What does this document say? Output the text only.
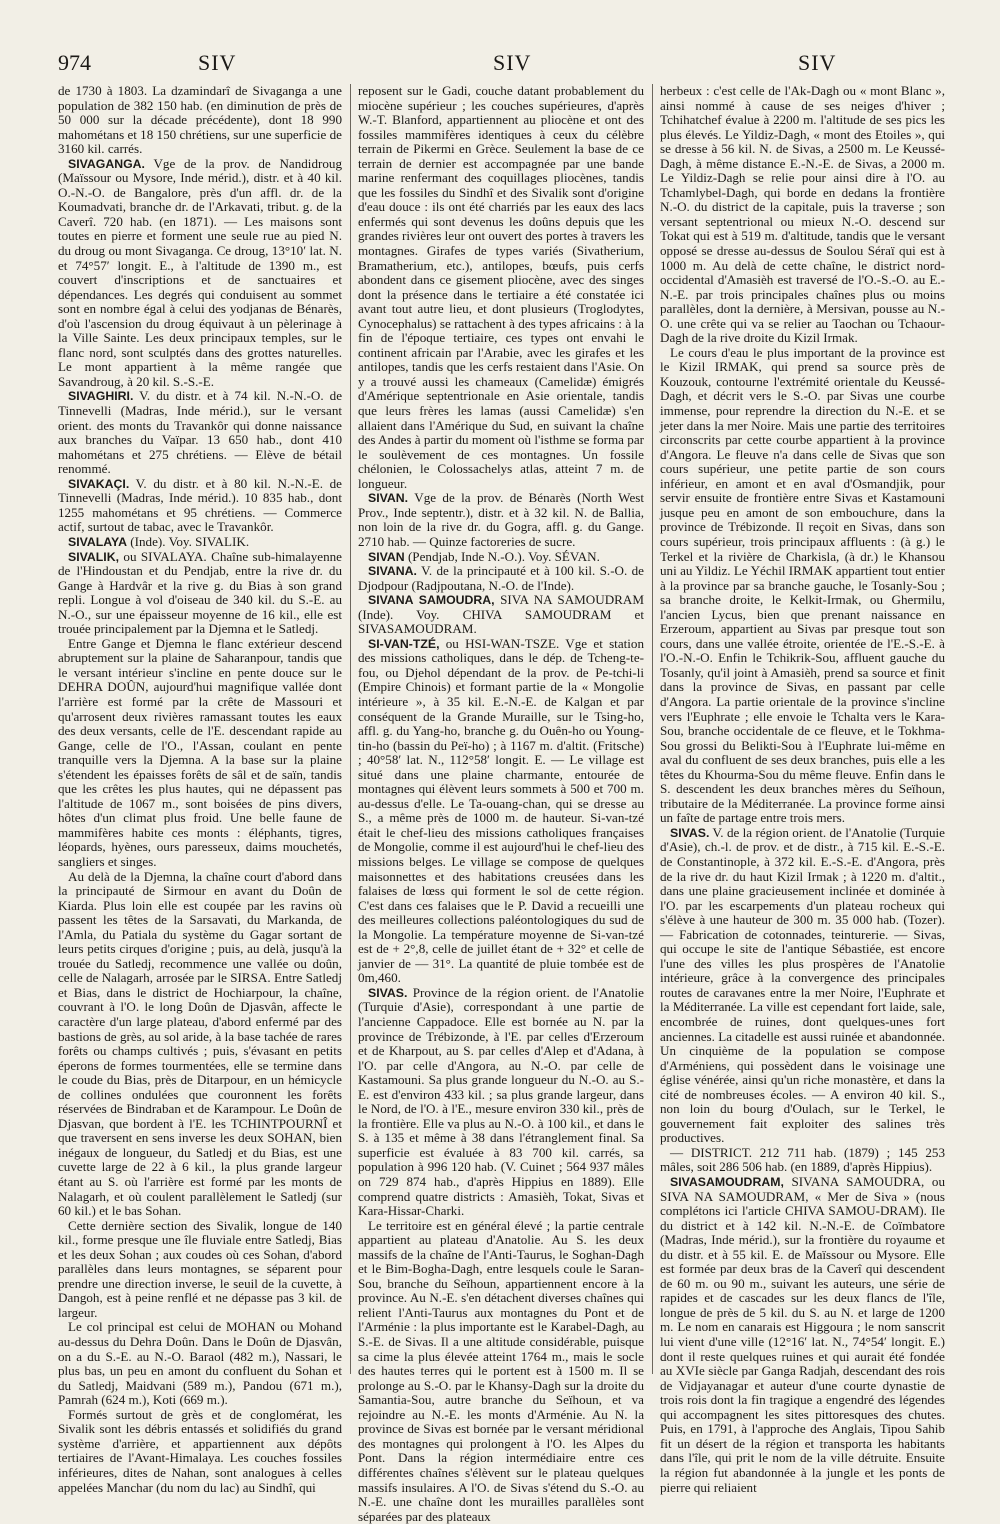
974	SIV	SIV	SIV

de 1730 à 1803. La dzamindarî de Sivaganga a une population de 382 150 hab. (en diminution de près de 50 000 sur la décade précédente), dont 18 990 mahométans et 18 150 chrétiens, sur une superficie de 3160 kil. carrés.

SIVAGANGA. Vge de la prov. de Nandidroug (Maïssour ou Mysore, Inde mérid.), distr. et à 40 kil. O.-N.-O. de Bangalore, près d'un affl. dr. de la Koumadvati, branche dr. de l'Arkavati, tribut. g. de la Caverî. 720 hab. (en 1871). — Les maisons sont toutes en pierre et forment une seule rue au pied N. du droug ou mont Sivaganga. Ce droug, 13°10′ lat. N. et 74°57′ longit. E., à l'altitude de 1390 m., est couvert d'inscriptions et de sanctuaires et dépendances. Les degrés qui conduisent au sommet sont en nombre égal à celui des yodjanas de Bénarès, d'où l'ascension du droug équivaut à un pèlerinage à la Ville Sainte. Les deux principaux temples, sur le flanc nord, sont sculptés dans des grottes naturelles. Le mont appartient à la même rangée que Savandroug, à 20 kil. S.-S.-E.

SIVAGHIRI. V. du distr. et à 74 kil. N.-N.-O. de Tinnevelli (Madras, Inde mérid.), sur le versant orient. des monts du Travankôr qui donne naissance aux branches du Vaïpar. 13 650 hab., dont 410 mahométans et 275 chrétiens. — Elève de bétail renommé.

SIVAKAÇI. V. du distr. et à 80 kil. N.-N.-E. de Tinnevelli (Madras, Inde mérid.). 10 835 hab., dont 1255 mahométans et 95 chrétiens. — Commerce actif, surtout de tabac, avec le Travankôr.

SIVALAYA (Inde). Voy. SIVALIK.

SIVALIK, ou SIVALAYA. Chaîne sub-himalayenne de l'Hindoustan et du Pendjab, entre la rive dr. du Gange à Hardvâr et la rive g. du Bias à son grand repli. Longue à vol d'oiseau de 340 kil. du S.-E. au N.-O., sur une épaisseur moyenne de 16 kil., elle est trouée principalement par la Djemna et le Satledj.

Entre Gange et Djemna le flanc extérieur descend abruptement sur la plaine de Saharanpour, tandis que le versant intérieur s'incline en pente douce sur le DEHRA DOÛN, aujourd'hui magnifique vallée dont l'arrière est formé par la crête de Massouri et qu'arrosent deux rivières ramassant toutes les eaux des deux versants, celle de l'E. descendant rapide au Gange, celle de l'O., l'Assan, coulant en pente tranquille vers la Djemna. A la base sur la plaine s'étendent les épaisses forêts de sâl et de saïn, tandis que les crêtes les plus hautes, qui ne dépassent pas l'altitude de 1067 m., sont boisées de pins divers, hôtes d'un climat plus froid. Une belle faune de mammifères habite ces monts : éléphants, tigres, léopards, hyènes, ours paresseux, daims mouchetés, sangliers et singes.

Au delà de la Djemna, la chaîne court d'abord dans la principauté de Sirmour en avant du Doûn de Kiarda. Plus loin elle est coupée par les ravins où passent les têtes de la Sarsavati, du Markanda, de l'Amla, du Patiala du système du Gagar sortant de leurs petits cirques d'origine ; puis, au delà, jusqu'à la trouée du Satledj, recommence une vallée ou doûn, celle de Nalagarh, arrosée par le SIRSA. Entre Satledj et Bias, dans le district de Hochiarpour, la chaîne, couvrant à l'O. le long Doûn de Djasvân, affecte le caractère d'un large plateau, d'abord enfermé par des bastions de grès, au sol aride, à la base tachée de rares forêts ou champs cultivés ; puis, s'évasant en petits éperons de formes tourmentées, elle se termine dans le coude du Bias, près de Ditarpour, en un hémicycle de collines ondulées que couronnent les forêts réservées de Bindraban et de Karampour. Le Doûn de Djasvan, que bordent à l'E. les TCHINTPOURNÎ et que traversent en sens inverse les deux SOHAN, bien inégaux de longueur, du Satledj et du Bias, est une cuvette large de 22 à 6 kil., la plus grande largeur étant au S. où l'arrière est formé par les monts de Nalagarh, et où coulent parallèlement le Satledj (sur 60 kil.) et le bas Sohan.

Cette dernière section des Sivalik, longue de 140 kil., forme presque une île fluviale entre Satledj, Bias et les deux Sohan ; aux coudes où ces Sohan, d'abord parallèles dans leurs montagnes, se séparent pour prendre une direction inverse, le seuil de la cuvette, à Dangoh, est à peine renflé et ne dépasse pas 3 kil. de largeur.

Le col principal est celui de MOHAN ou Mohand au-dessus du Dehra Doûn. Dans le Doûn de Djasvân, on a du S.-E. au N.-O. Baraol (482 m.), Nassari, le plus bas, un peu en amont du confluent du Sohan et du Satledj, Maidvani (589 m.), Pandou (671 m.), Pamrah (624 m.), Koti (669 m.).

Formés surtout de grès et de conglomérat, les Sivalik sont les débris entassés et solidifiés du grand système d'arrière, et appartiennent aux dépôts tertiaires de l'Avant-Himalaya. Les couches fossiles inférieures, dites de Nahan, sont analogues à celles appelées Manchar (du nom du lac) au Sindhî, qui

reposent sur le Gadi, couche datant probablement du miocène supérieur ; les couches supérieures, d'après W.-T. Blanford, appartiennent au pliocène et ont des fossiles mammifères identiques à ceux du célèbre terrain de Pikermi en Grèce. Seulement la base de ce terrain de dernier est accompagnée par une bande marine renfermant des coquillages pliocènes, tandis que les fossiles du Sindhî et des Sivalik sont d'origine d'eau douce : ils ont été charriés par les eaux des lacs enfermés qui sont devenus les doûns depuis que les grandes rivières leur ont ouvert des portes à travers les montagnes. Girafes de types variés (Sivatherium, Bramatherium, etc.), antilopes, bœufs, puis cerfs abondent dans ce gisement pliocène, avec des singes dont la présence dans le tertiaire a été constatée ici avant tout autre lieu, et dont plusieurs (Troglodytes, Cynocephalus) se rattachent à des types africains : à la fin de l'époque tertiaire, ces types ont envahi le continent africain par l'Arabie, avec les girafes et les antilopes, tandis que les cerfs restaient dans l'Asie. On y a trouvé aussi les chameaux (Camelidæ) émigrés d'Amérique septentrionale en Asie orientale, tandis que leurs frères les lamas (aussi Camelidæ) s'en allaient dans l'Amérique du Sud, en suivant la chaîne des Andes à partir du moment où l'isthme se forma par le soulèvement de ces montagnes. Un fossile chélonien, le Colossachelys atlas, atteint 7 m. de longueur.

SIVAN. Vge de la prov. de Bénarès (North West Prov., Inde septentr.), distr. et à 32 kil. N. de Ballia, non loin de la rive dr. du Gogra, affl. g. du Gange. 2710 hab. — Quinze factoreries de sucre.

SIVAN (Pendjab, Inde N.-O.). Voy. SÉVAN.

SIVANA. V. de la principauté et à 100 kil. S.-O. de Djodpour (Radjpoutana, N.-O. de l'Inde).

SIVANA SAMOUDRA, SIVA NA SAMOUDRAM (Inde). Voy. CHIVA SAMOUDRAM et SIVASAMOUDRAM.

SI-VAN-TZÉ, ou HSI-WAN-TSZE. Vge et station des missions catholiques, dans le dép. de Tcheng-te-fou, ou Djehol dépendant de la prov. de Pe-tchi-li (Empire Chinois) et formant partie de la « Mongolie intérieure », à 35 kil. E.-N.-E. de Kalgan et par conséquent de la Grande Muraille, sur le Tsing-ho, affl. g. du Yang-ho, branche g. du Ouên-ho ou Young-tin-ho (bassin du Peï-ho) ; à 1167 m. d'altit. (Fritsche) ; 40°58′ lat. N., 112°58′ longit. E. — Le village est situé dans une plaine charmante, entourée de montagnes qui élèvent leurs sommets à 500 et 700 m. au-dessus d'elle. Le Ta-ouang-chan, qui se dresse au S., a même près de 1000 m. de hauteur. Si-van-tzé était le chef-lieu des missions catholiques françaises de Mongolie, comme il est aujourd'hui le chef-lieu des missions belges. Le village se compose de quelques maisonnettes et des habitations creusées dans les falaises de lœss qui forment le sol de cette région. C'est dans ces falaises que le P. David a recueilli une des meilleures collections paléontologiques du sud de la Mongolie. La température moyenne de Si-van-tzé est de + 2°,8, celle de juillet étant de + 32° et celle de janvier de — 31°. La quantité de pluie tombée est de 0m,460.

SIVAS. Province de la région orient. de l'Anatolie (Turquie d'Asie), correspondant à une partie de l'ancienne Cappadoce. Elle est bornée au N. par la province de Trébizonde, à l'E. par celles d'Erzeroum et de Kharpout, au S. par celles d'Alep et d'Adana, à l'O. par celle d'Angora, au N.-O. par celle de Kastamouni. Sa plus grande longueur du N.-O. au S.-E. est d'environ 433 kil. ; sa plus grande largeur, dans le Nord, de l'O. à l'E., mesure environ 330 kil., près de la frontière. Elle va plus au N.-O. à 100 kil., et dans le S. à 135 et même à 38 dans l'étranglement final. Sa superficie est évaluée à 83 700 kil. carrés, sa population à 996 120 hab. (V. Cuinet ; 564 937 mâles on 729 874 hab., d'après Hippius en 1889). Elle comprend quatre districts : Amasièh, Tokat, Sivas et Kara-Hissar-Charki.

Le territoire est en général élevé ; la partie centrale appartient au plateau d'Anatolie. Au S. les deux massifs de la chaîne de l'Anti-Taurus, le Soghan-Dagh et le Bim-Bogha-Dagh, entre lesquels coule le Saran-Sou, branche du Seïhoun, appartiennent encore à la province. Au N.-E. s'en détachent diverses chaînes qui relient l'Anti-Taurus aux montagnes du Pont et de l'Arménie : la plus importante est le Karabel-Dagh, au S.-E. de Sivas. Il a une altitude considérable, puisque sa cime la plus élevée atteint 1764 m., mais le socle des hautes terres qui le portent est à 1500 m. Il se prolonge au S.-O. par le Khansy-Dagh sur la droite du Samantia-Sou, autre branche du Seïhoun, et va rejoindre au N.-E. les monts d'Arménie. Au N. la province de Sivas est bornée par le versant méridional des montagnes qui prolongent à l'O. les Alpes du Pont. Dans la région intermédiaire entre ces différentes chaînes s'élèvent sur le plateau quelques massifs insulaires. A l'O. de Sivas s'étend du S.-O. au N.-E. une chaîne dont les murailles parallèles sont séparées par des plateaux

herbeux : c'est celle de l'Ak-Dagh ou « mont Blanc », ainsi nommé à cause de ses neiges d'hiver ; Tchihatchef évalue à 2200 m. l'altitude de ses pics les plus élevés. Le Yildiz-Dagh, « mont des Etoiles », qui se dresse à 56 kil. N. de Sivas, a 2500 m. Le Keussé-Dagh, à même distance E.-N.-E. de Sivas, a 2000 m. Le Yildiz-Dagh se relie pour ainsi dire à l'O. au Tchamlybel-Dagh, qui borde en dedans la frontière N.-O. du district de la capitale, puis la traverse ; son versant septentrional ou mieux N.-O. descend sur Tokat qui est à 519 m. d'altitude, tandis que le versant opposé se dresse au-dessus de Soulou Séraï qui est à 1000 m. Au delà de cette chaîne, le district nord-occidental d'Amasièh est traversé de l'O.-S.-O. au E.-N.-E. par trois principales chaînes plus ou moins parallèles, dont la dernière, à Mersivan, pousse au N.-O. une crête qui va se relier au Taochan ou Tchaour-Dagh de la rive droite du Kizil Irmak.

Le cours d'eau le plus important de la province est le Kizil IRMAK, qui prend sa source près de Kouzouk, contourne l'extrémité orientale du Keussé-Dagh, et décrit vers le S.-O. par Sivas une courbe immense, pour reprendre la direction du N.-E. et se jeter dans la mer Noire. Mais une partie des territoires circonscrits par cette courbe appartient à la province d'Angora. Le fleuve n'a dans celle de Sivas que son cours supérieur, une petite partie de son cours inférieur, en amont et en aval d'Osmandjik, pour servir ensuite de frontière entre Sivas et Kastamouni jusque peu en amont de son embouchure, dans la province de Trébizonde. Il reçoit en Sivas, dans son cours supérieur, trois principaux affluents : (à g.) le Terkel et la rivière de Charkisla, (à dr.) le Khansou uni au Yildiz. Le Yéchil IRMAK appartient tout entier à la province par sa branche gauche, le Tosanly-Sou ; sa branche droite, le Kelkit-Irmak, ou Ghermilu, l'ancien Lycus, bien que prenant naissance en Erzeroum, appartient au Sivas par presque tout son cours, dans une vallée étroite, orientée de l'E.-S.-E. à l'O.-N.-O. Enfin le Tchikrik-Sou, affluent gauche du Tosanly, qu'il joint à Amasièh, prend sa source et finit dans la province de Sivas, en passant par celle d'Angora. La partie orientale de la province s'incline vers l'Euphrate ; elle envoie le Tchalta vers le Kara-Sou, branche occidentale de ce fleuve, et le Tokhma-Sou grossi du Belikti-Sou à l'Euphrate lui-même en aval du confluent de ses deux branches, puis elle a les têtes du Khourma-Sou du même fleuve. Enfin dans le S. descendent les deux branches mères du Seïhoun, tributaire de la Méditerranée. La province forme ainsi un faîte de partage entre trois mers.

SIVAS. V. de la région orient. de l'Anatolie (Turquie d'Asie), ch.-l. de prov. et de distr., à 715 kil. E.-S.-E. de Constantinople, à 372 kil. E.-S.-E. d'Angora, près de la rive dr. du haut Kizil Irmak ; à 1220 m. d'altit., dans une plaine gracieusement inclinée et dominée à l'O. par les escarpements d'un plateau rocheux qui s'élève à une hauteur de 300 m. 35 000 hab. (Tozer). — Fabrication de cotonnades, teinturerie. — Sivas, qui occupe le site de l'antique Sébastiée, est encore l'une des villes les plus prospères de l'Anatolie intérieure, grâce à la convergence des principales routes de caravanes entre la mer Noire, l'Euphrate et la Méditerranée. La ville est cependant fort laide, sale, encombrée de ruines, dont quelques-unes fort anciennes. La citadelle est aussi ruinée et abandonnée. Un cinquième de la population se compose d'Arméniens, qui possèdent dans le voisinage une église vénérée, ainsi qu'un riche monastère, et dans la cité de nombreuses écoles. — A environ 40 kil. S., non loin du bourg d'Oulach, sur le Terkel, le gouvernement fait exploiter des salines très productives.

— DISTRICT. 212 711 hab. (1879) ; 145 253 mâles, soit 286 506 hab. (en 1889, d'après Hippius).

SIVASAMOUDRAM, SIVANA SAMOUDRA, ou SIVA NA SAMOUDRAM, « Mer de Siva » (nous complétons ici l'article CHIVA SAMOU-DRAM). Ile du district et à 142 kil. N.-N.-E. de Coïmbatore (Madras, Inde mérid.), sur la frontière du royaume et du distr. et à 55 kil. E. de Maïssour ou Mysore. Elle est formée par deux bras de la Caverî qui descendent de 60 m. ou 90 m., suivant les auteurs, une série de rapides et de cascades sur les deux flancs de l'île, longue de près de 5 kil. du S. au N. et large de 1200 m. Le nom en canarais est Higgoura ; le nom sanscrit lui vient d'une ville (12°16′ lat. N., 74°54′ longit. E.) dont il reste quelques ruines et qui aurait été fondée au XVIe siècle par Ganga Radjah, descendant des rois de Vidjayanagar et auteur d'une courte dynastie de trois rois dont la fin tragique a engendré des légendes qui accompagnent les sites pittoresques des chutes. Puis, en 1791, à l'approche des Anglais, Tipou Sahib fit un désert de la région et transporta les habitants dans l'île, qui prit le nom de la ville détruite. Ensuite la région fut abandonnée à la jungle et les ponts de pierre qui reliaient
